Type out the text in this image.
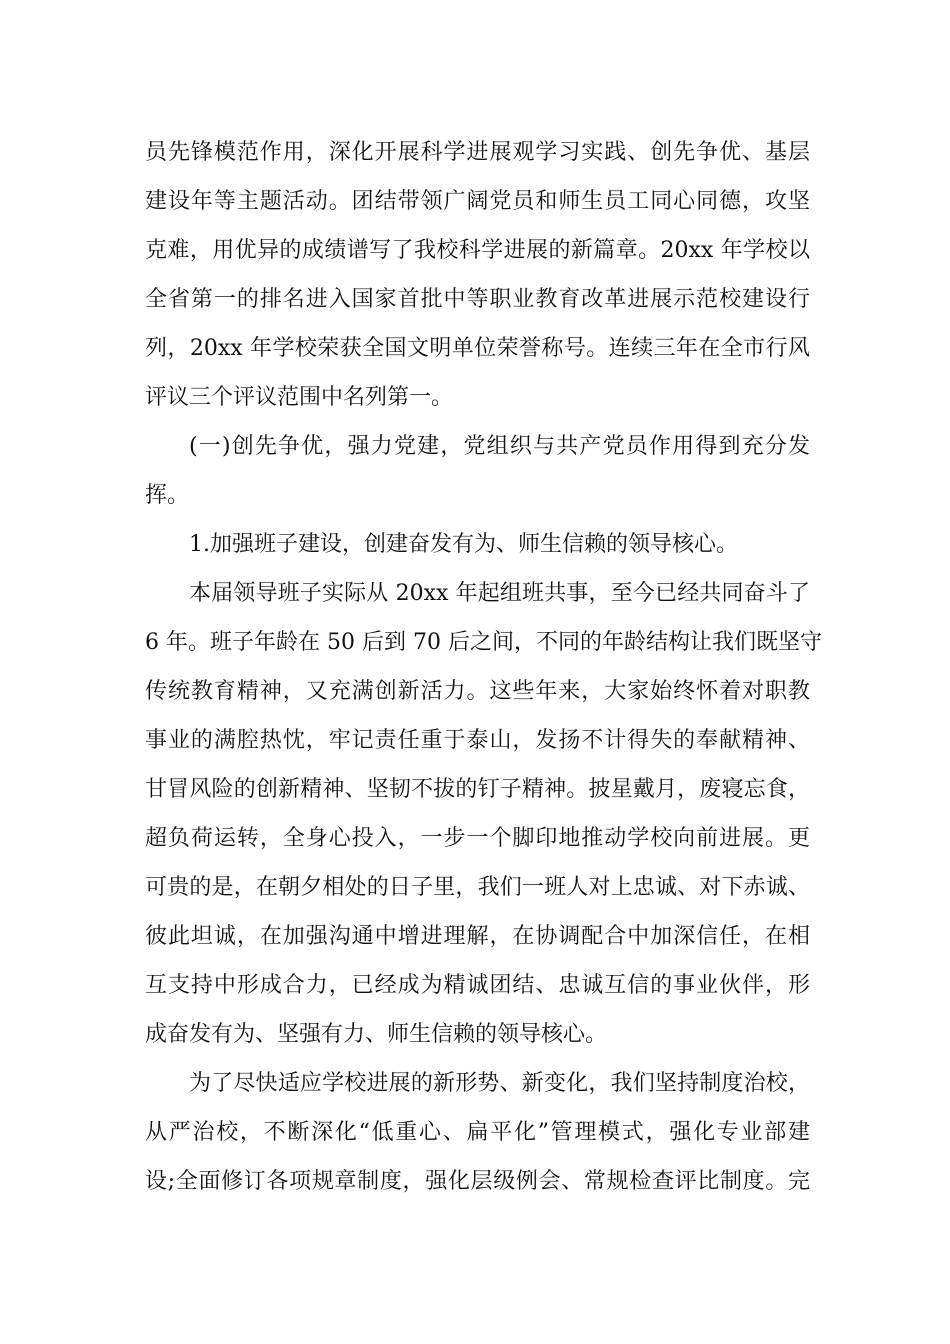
员先锋模范作用，深化开展科学进展观学习实践、创先争优、基层
建设年等主题活动。团结带领广阔党员和师生员工同心同德，攻坚
克难，用优异的成绩谱写了我校科学进展的新篇章。20xx 年学校以
全省第一的排名进入国家首批中等职业教育改革进展示范校建设行
列，20xx 年学校荣获全国文明单位荣誉称号。连续三年在全市行风
评议三个评议范围中名列第一。
(一)创先争优，强力党建，党组织与共产党员作用得到充分发
挥。
1.加强班子建设，创建奋发有为、师生信赖的领导核心。
本届领导班子实际从 20xx 年起组班共事，至今已经共同奋斗了
6 年。班子年龄在 50 后到 70 后之间，不同的年龄结构让我们既坚守
传统教育精神，又充满创新活力。这些年来，大家始终怀着对职教
事业的满腔热忱，牢记责任重于泰山，发扬不计得失的奉献精神、
甘冒风险的创新精神、坚韧不拔的钉子精神。披星戴月，废寝忘食，
超负荷运转，全身心投入，一步一个脚印地推动学校向前进展。更
可贵的是，在朝夕相处的日子里，我们一班人对上忠诚、对下赤诚、
彼此坦诚，在加强沟通中增进理解，在协调配合中加深信任，在相
互支持中形成合力，已经成为精诚团结、忠诚互信的事业伙伴，形
成奋发有为、坚强有力、师生信赖的领导核心。
为了尽快适应学校进展的新形势、新变化，我们坚持制度治校，
从严治校，不断深化“低重心、扁平化”管理模式，强化专业部建
设;全面修订各项规章制度，强化层级例会、常规检查评比制度。完
